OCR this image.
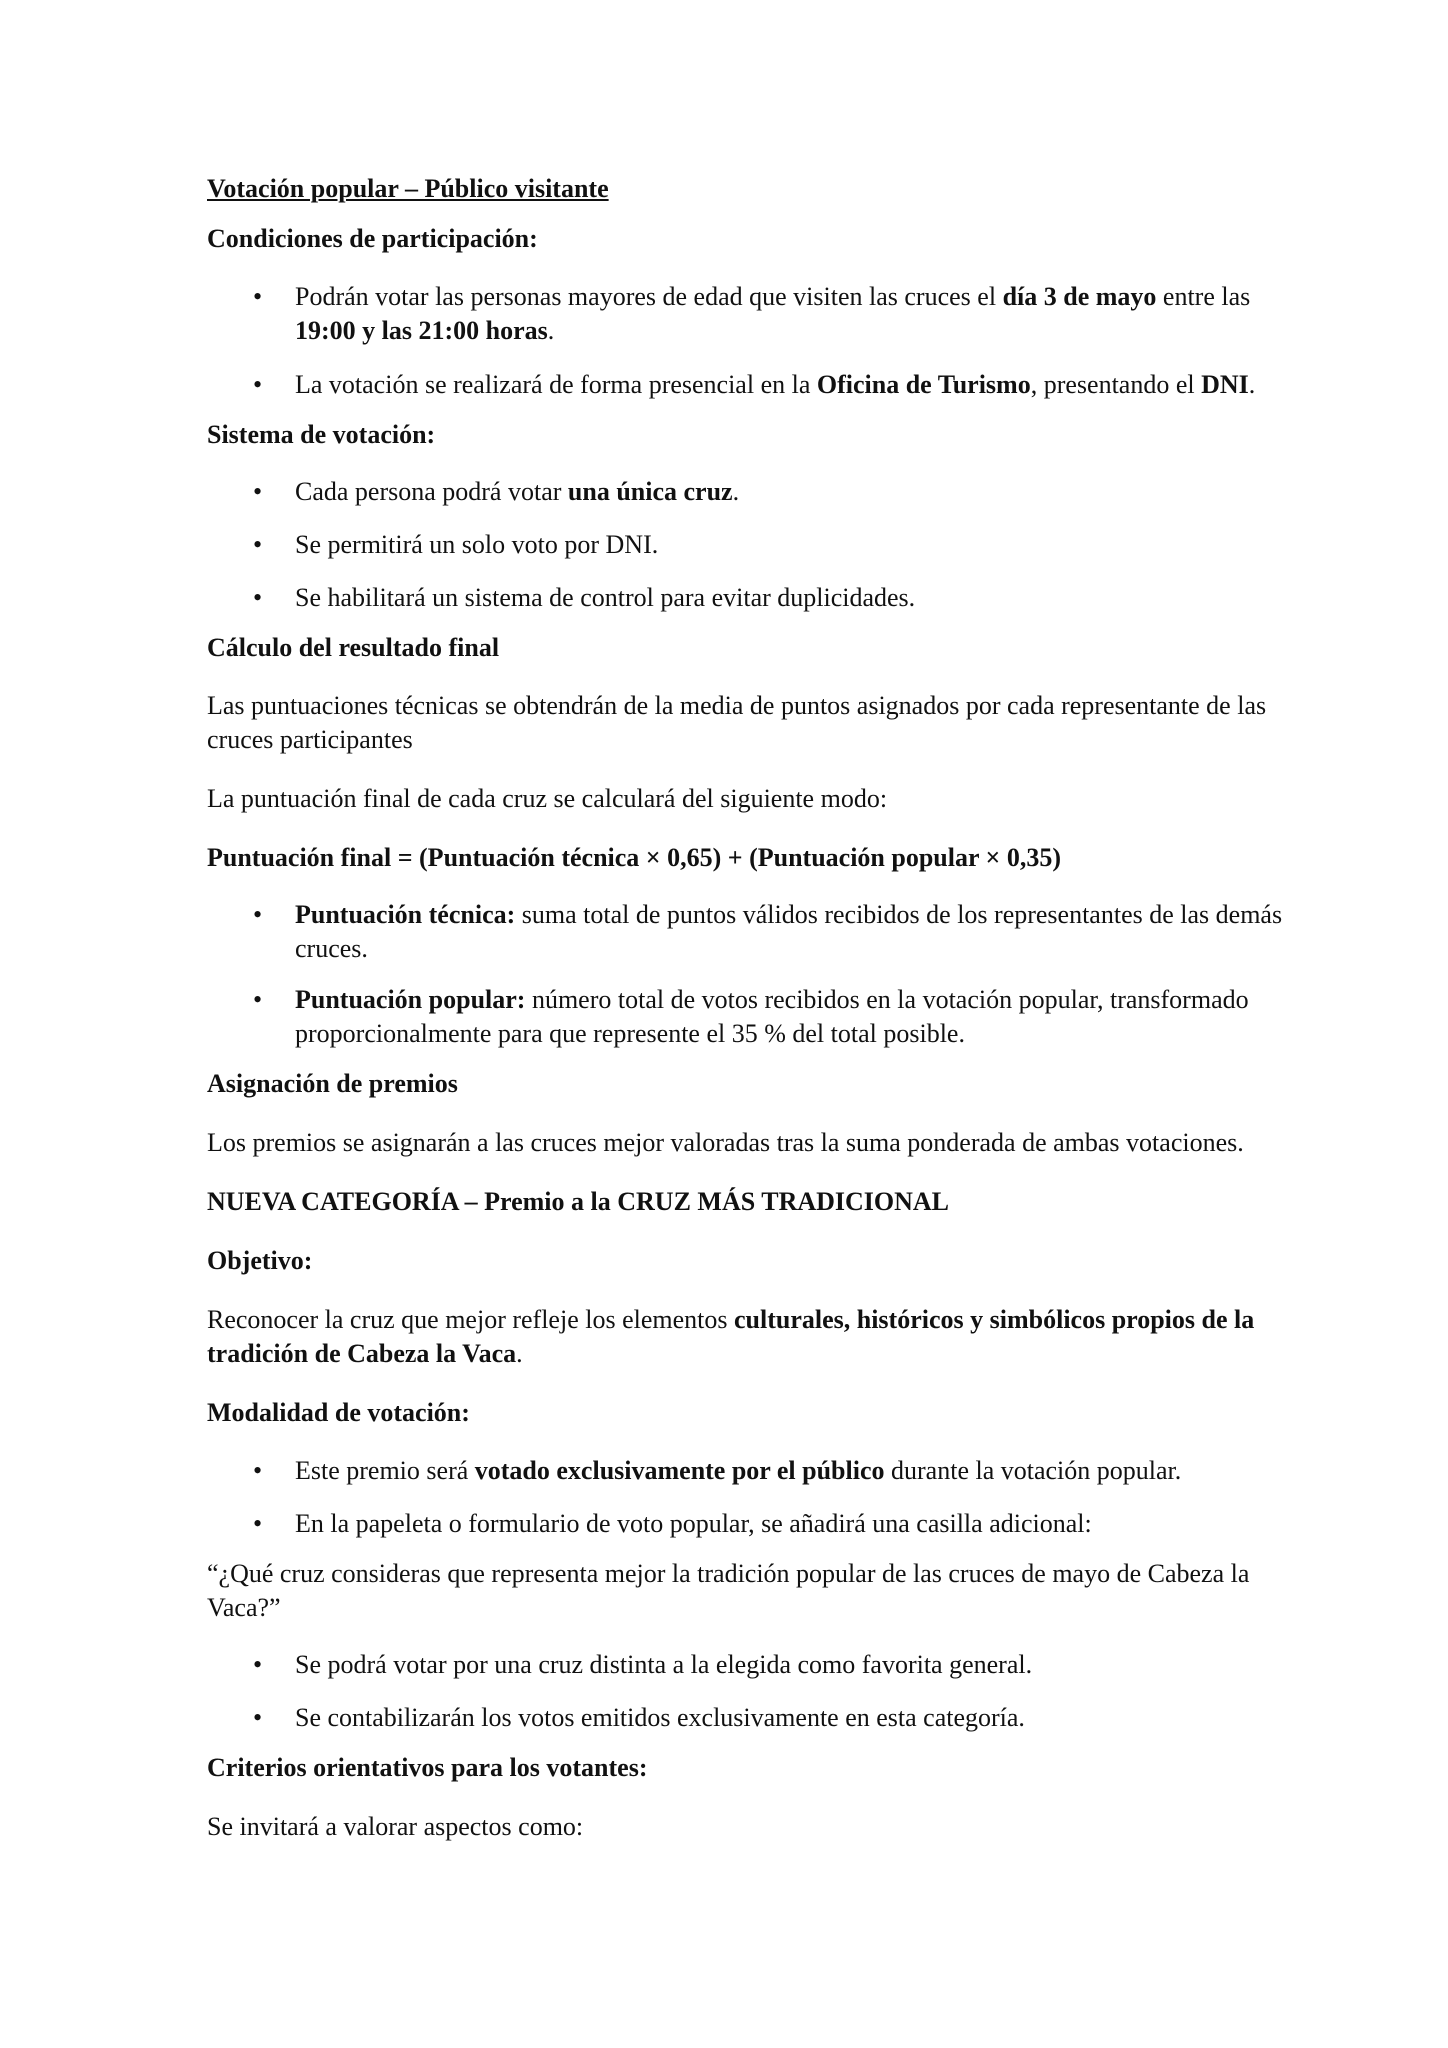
Votación popular – Público visitante

Condiciones de participación:

• Podrán votar las personas mayores de edad que visiten las cruces el día 3 de mayo entre las 19:00 y las 21:00 horas.
• La votación se realizará de forma presencial en la Oficina de Turismo, presentando el DNI.

Sistema de votación:

• Cada persona podrá votar una única cruz.
• Se permitirá un solo voto por DNI.
• Se habilitará un sistema de control para evitar duplicidades.

Cálculo del resultado final

Las puntuaciones técnicas se obtendrán de la media de puntos asignados por cada representante de las cruces participantes

La puntuación final de cada cruz se calculará del siguiente modo:

Puntuación final = (Puntuación técnica × 0,65) + (Puntuación popular × 0,35)

• Puntuación técnica: suma total de puntos válidos recibidos de los representantes de las demás cruces.
• Puntuación popular: número total de votos recibidos en la votación popular, transformado proporcionalmente para que represente el 35 % del total posible.

Asignación de premios

Los premios se asignarán a las cruces mejor valoradas tras la suma ponderada de ambas votaciones.

NUEVA CATEGORÍA – Premio a la CRUZ MÁS TRADICIONAL

Objetivo:

Reconocer la cruz que mejor refleje los elementos culturales, históricos y simbólicos propios de la tradición de Cabeza la Vaca.

Modalidad de votación:

• Este premio será votado exclusivamente por el público durante la votación popular.
• En la papeleta o formulario de voto popular, se añadirá una casilla adicional:

“¿Qué cruz consideras que representa mejor la tradición popular de las cruces de mayo de Cabeza la Vaca?”

• Se podrá votar por una cruz distinta a la elegida como favorita general.
• Se contabilizarán los votos emitidos exclusivamente en esta categoría.

Criterios orientativos para los votantes:

Se invitará a valorar aspectos como:
